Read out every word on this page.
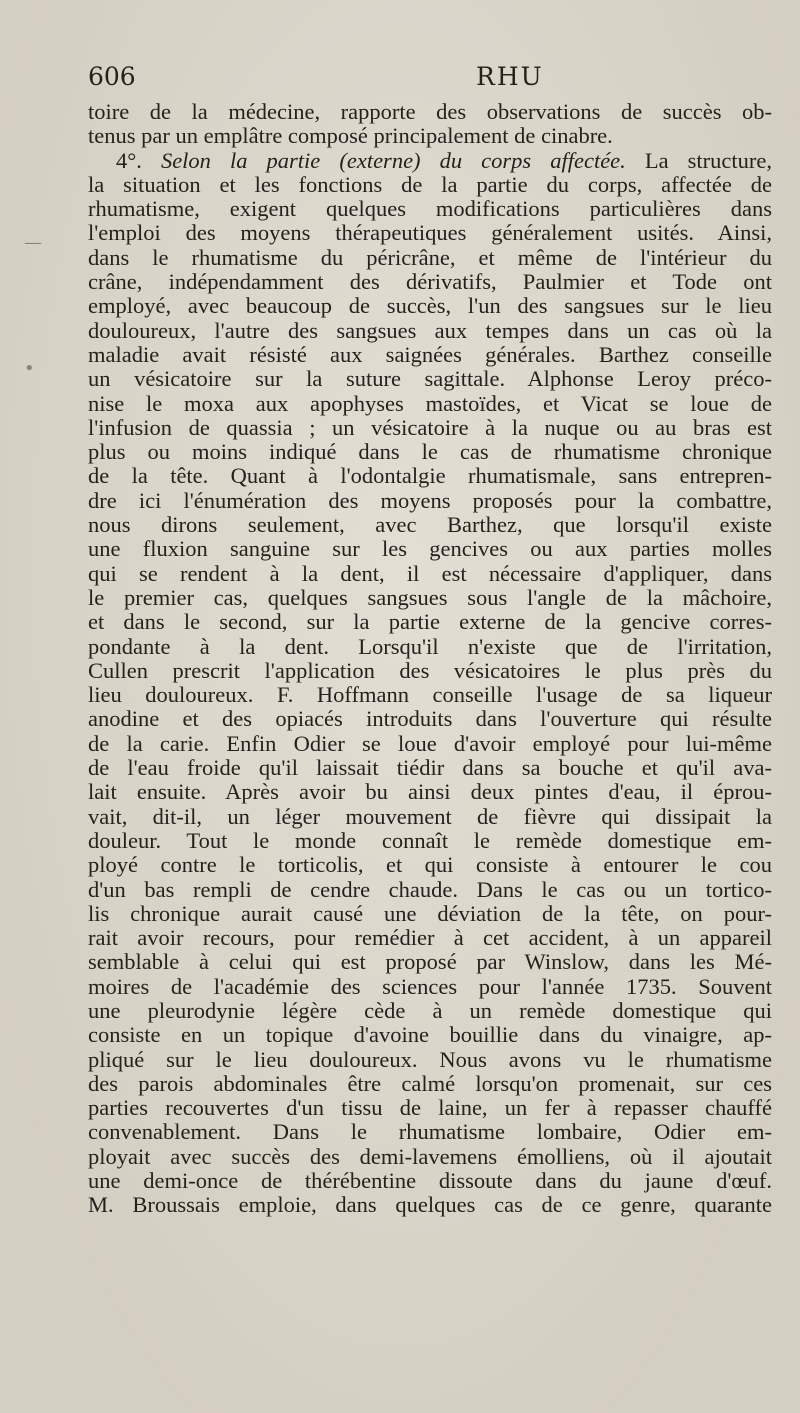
606	RHU
—
•
toire de la médecine, rapporte des observations de succès ob-
tenus par un emplâtre composé principalement de cinabre.
4°. Selon la partie (externe) du corps affectée. La structure,
la situation et les fonctions de la partie du corps, affectée de
rhumatisme, exigent quelques modifications particulières dans
l'emploi des moyens thérapeutiques généralement usités. Ainsi,
dans le rhumatisme du péricrâne, et même de l'intérieur du
crâne, indépendamment des dérivatifs, Paulmier et Tode ont
employé, avec beaucoup de succès, l'un des sangsues sur le lieu
douloureux, l'autre des sangsues aux tempes dans un cas où la
maladie avait résisté aux saignées générales. Barthez conseille
un vésicatoire sur la suture sagittale. Alphonse Leroy préco-
nise le moxa aux apophyses mastoïdes, et Vicat se loue de
l'infusion de quassia ; un vésicatoire à la nuque ou au bras est
plus ou moins indiqué dans le cas de rhumatisme chronique
de la tête. Quant à l'odontalgie rhumatismale, sans entrepren-
dre ici l'énumération des moyens proposés pour la combattre,
nous dirons seulement, avec Barthez, que lorsqu'il existe
une fluxion sanguine sur les gencives ou aux parties molles
qui se rendent à la dent, il est nécessaire d'appliquer, dans
le premier cas, quelques sangsues sous l'angle de la mâchoire,
et dans le second, sur la partie externe de la gencive corres-
pondante à la dent. Lorsqu'il n'existe que de l'irritation,
Cullen prescrit l'application des vésicatoires le plus près du
lieu douloureux. F. Hoffmann conseille l'usage de sa liqueur
anodine et des opiacés introduits dans l'ouverture qui résulte
de la carie. Enfin Odier se loue d'avoir employé pour lui-même
de l'eau froide qu'il laissait tiédir dans sa bouche et qu'il ava-
lait ensuite. Après avoir bu ainsi deux pintes d'eau, il éprou-
vait, dit-il, un léger mouvement de fièvre qui dissipait la
douleur. Tout le monde connaît le remède domestique em-
ployé contre le torticolis, et qui consiste à entourer le cou
d'un bas rempli de cendre chaude. Dans le cas ou un tortico-
lis chronique aurait causé une déviation de la tête, on pour-
rait avoir recours, pour remédier à cet accident, à un appareil
semblable à celui qui est proposé par Winslow, dans les Mé-
moires de l'académie des sciences pour l'année 1735. Souvent
une pleurodynie légère cède à un remède domestique qui
consiste en un topique d'avoine bouillie dans du vinaigre, ap-
pliqué sur le lieu douloureux. Nous avons vu le rhumatisme
des parois abdominales être calmé lorsqu'on promenait, sur ces
parties recouvertes d'un tissu de laine, un fer à repasser chauffé
convenablement. Dans le rhumatisme lombaire, Odier em-
ployait avec succès des demi-lavemens émolliens, où il ajoutait
une demi-once de thérébentine dissoute dans du jaune d'œuf.
M. Broussais emploie, dans quelques cas de ce genre, quarante
